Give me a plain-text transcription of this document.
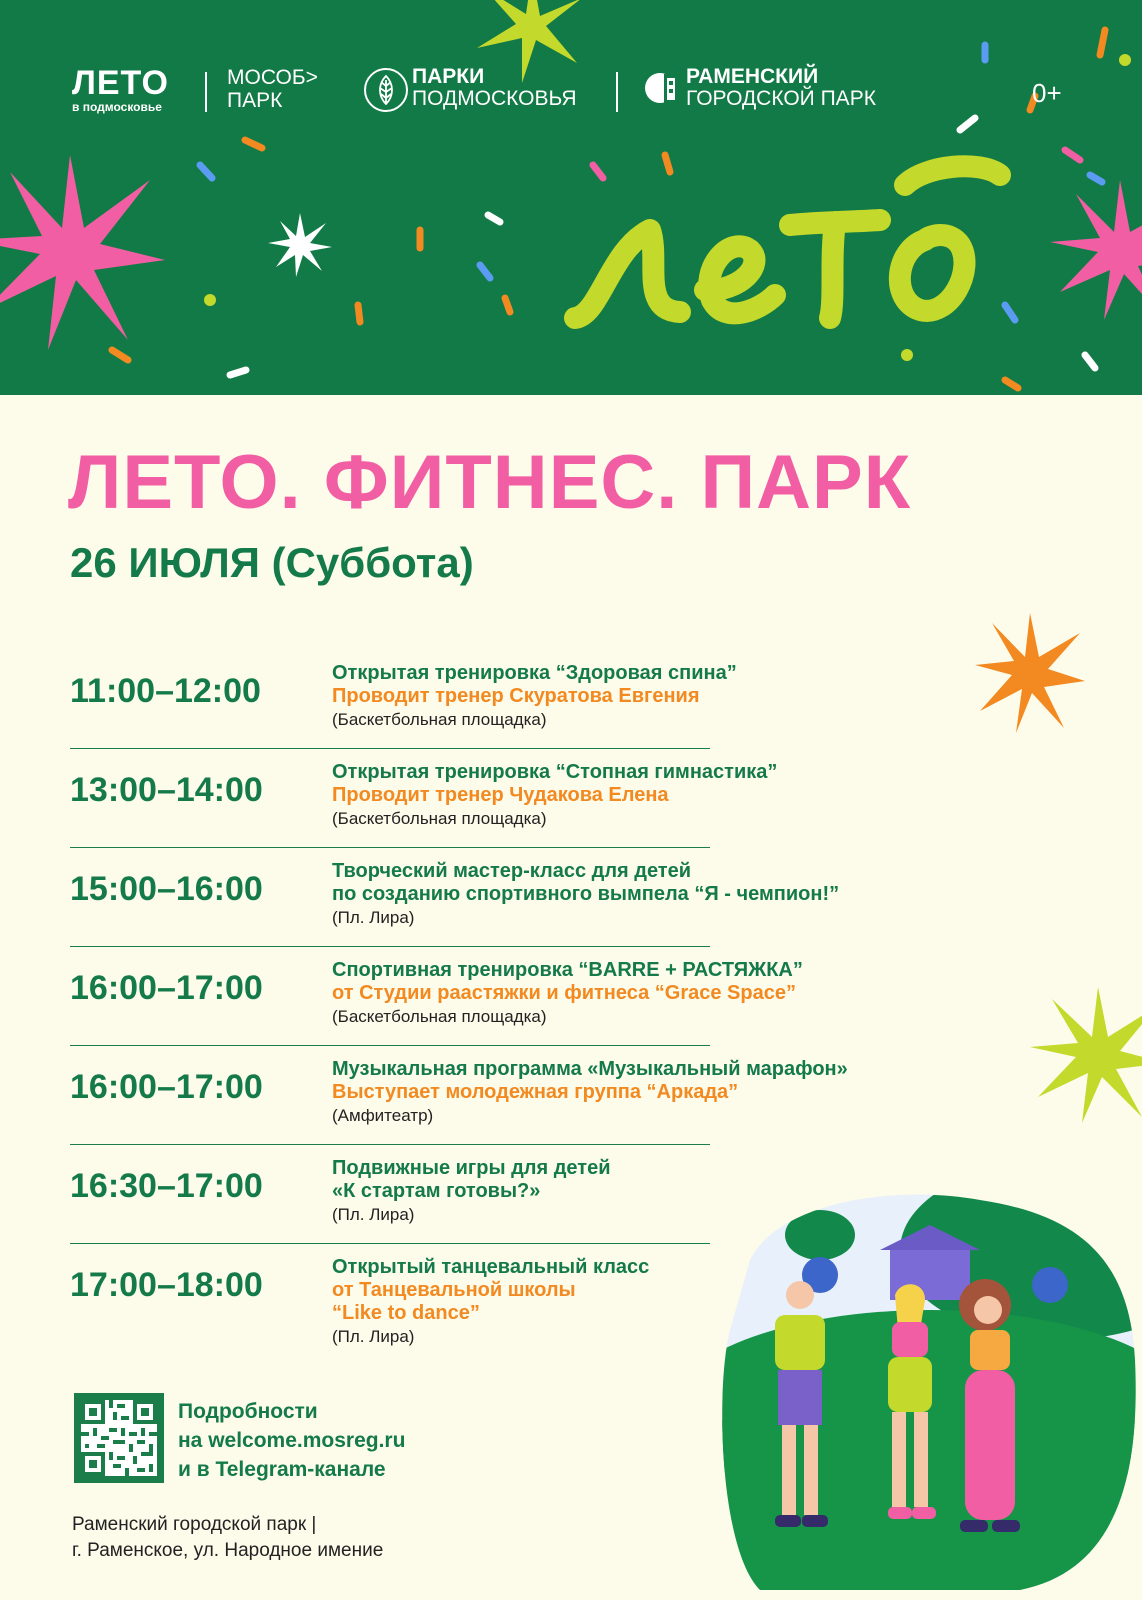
ЛЕТО
в подмосковье
МОСОБ>
ПАРК
ПАРКИ
ПОДМОСКОВЬЯ
РАМЕНСКИЙ
ГОРОДСКОЙ ПАРК	0+
ЛЕТО. ФИТНЕС. ПАРК
26 ИЮЛЯ (Суббота)
11:00–12:00	Открытая тренировка “Здоровая спина”
Проводит тренер Скуратова Евгения
(Баскетбольная площадка)
13:00–14:00	Открытая тренировка “Стопная гимнастика”
Проводит тренер Чудакова Елена
(Баскетбольная площадка)
15:00–16:00	Творческий мастер-класс для детей
по созданию спортивного вымпела “Я - чемпион!”
(Пл. Лира)
16:00–17:00	Спортивная тренировка “BARRE + РАСТЯЖКА”
от Студии раастяжки и фитнеса “Grace Space”
(Баскетбольная площадка)
16:00–17:00	Музыкальная программа «Музыкальный марафон»
Выступает молодежная группа “Аркада”
(Амфитеатр)
16:30–17:00	Подвижные игры для детей
«К стартам готовы?»
(Пл. Лира)
17:00–18:00	Открытый танцевальный класс
от Танцевальной школы
“Like to dance”
(Пл. Лира)
Подробности
на welcome.mosreg.ru
и в Telegram-канале
Раменский городской парк |
г. Раменское, ул. Народное имение
